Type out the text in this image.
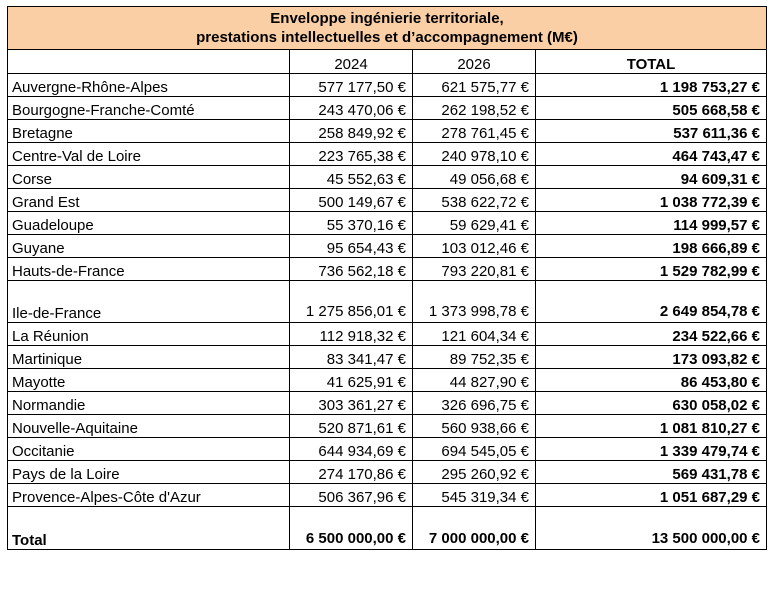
Enveloppe ingénierie territoriale,
prestations intellectuelles et d’accompagnement (M€)			

	2024	2026	TOTAL
Auvergne-Rhône-Alpes	577 177,50 €	621 575,77 €	1 198 753,27 €
Bourgogne-Franche-Comté	243 470,06 €	262 198,52 €	505 668,58 €
Bretagne	258 849,92 €	278 761,45 €	537 611,36 €
Centre-Val de Loire	223 765,38 €	240 978,10 €	464 743,47 €
Corse	45 552,63 €	49 056,68 €	94 609,31 €
Grand Est	500 149,67 €	538 622,72 €	1 038 772,39 €
Guadeloupe	55 370,16 €	59 629,41 €	114 999,57 €
Guyane	95 654,43 €	103 012,46 €	198 666,89 €
Hauts-de-France	736 562,18 €	793 220,81 €	1 529 782,99 €
Ile-de-France	1 275 856,01 €	1 373 998,78 €	2 649 854,78 €
La Réunion	112 918,32 €	121 604,34 €	234 522,66 €
Martinique	83 341,47 €	89 752,35 €	173 093,82 €
Mayotte	41 625,91 €	44 827,90 €	86 453,80 €
Normandie	303 361,27 €	326 696,75 €	630 058,02 €
Nouvelle-Aquitaine	520 871,61 €	560 938,66 €	1 081 810,27 €
Occitanie	644 934,69 €	694 545,05 €	1 339 479,74 €
Pays de la Loire	274 170,86 €	295 260,92 €	569 431,78 €
Provence-Alpes-Côte d'Azur	506 367,96 €	545 319,34 €	1 051 687,29 €
Total	6 500 000,00 €	7 000 000,00 €	13 500 000,00 €
